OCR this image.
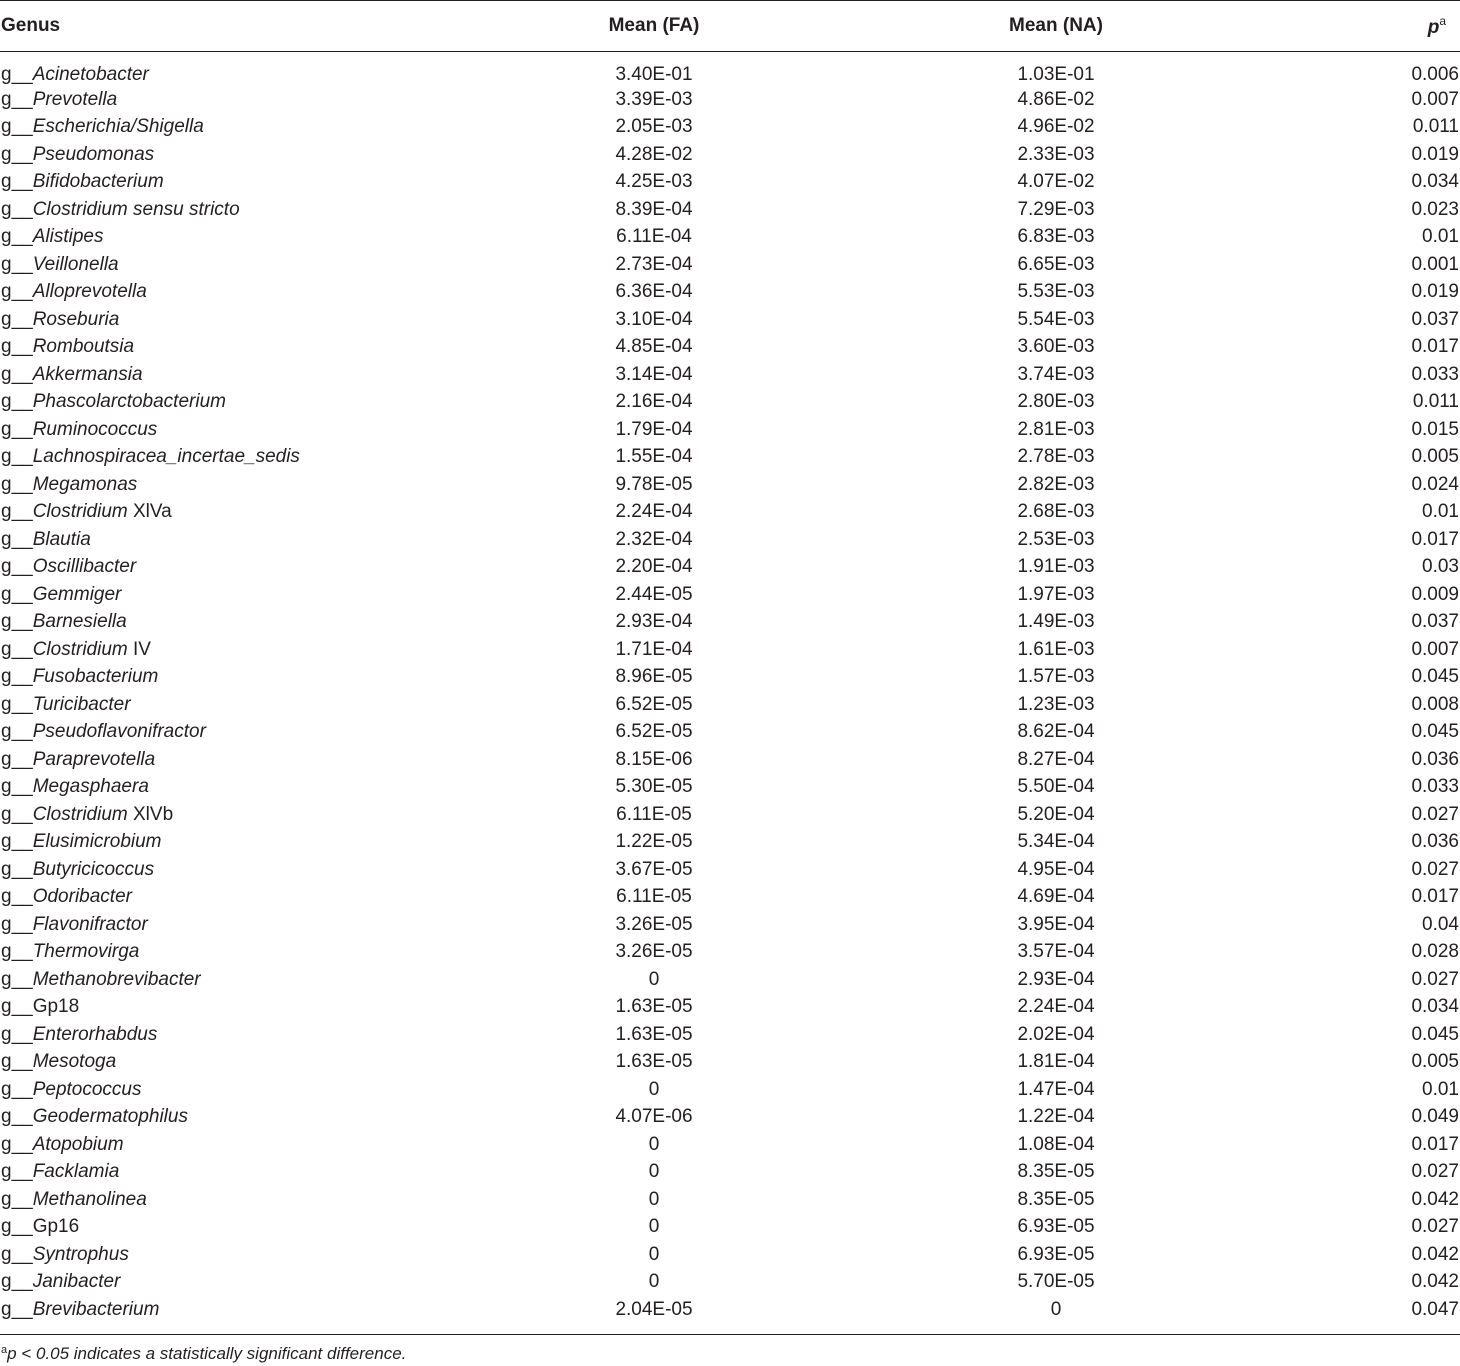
Genus	Mean (FA)	Mean (NA)	$p^a$
g__Acinetobacter	3.40E-01	1.03E-01	0.006
g__Prevotella	3.39E-03	4.86E-02	0.007
g__Escherichia/Shigella	2.05E-03	4.96E-02	0.011
g__Pseudomonas	4.28E-02	2.33E-03	0.019
g__Bifidobacterium	4.25E-03	4.07E-02	0.034
g__Clostridium sensu stricto	8.39E-04	7.29E-03	0.023
g__Alistipes	6.11E-04	6.83E-03	0.01
g__Veillonella	2.73E-04	6.65E-03	0.001
g__Alloprevotella	6.36E-04	5.53E-03	0.019
g__Roseburia	3.10E-04	5.54E-03	0.037
g__Romboutsia	4.85E-04	3.60E-03	0.017
g__Akkermansia	3.14E-04	3.74E-03	0.033
g__Phascolarctobacterium	2.16E-04	2.80E-03	0.011
g__Ruminococcus	1.79E-04	2.81E-03	0.015
g__Lachnospiracea_incertae_sedis	1.55E-04	2.78E-03	0.005
g__Megamonas	9.78E-05	2.82E-03	0.024
g__Clostridium XlVa	2.24E-04	2.68E-03	0.01
g__Blautia	2.32E-04	2.53E-03	0.017
g__Oscillibacter	2.20E-04	1.91E-03	0.03
g__Gemmiger	2.44E-05	1.97E-03	0.009
g__Barnesiella	2.93E-04	1.49E-03	0.037
g__Clostridium IV	1.71E-04	1.61E-03	0.007
g__Fusobacterium	8.96E-05	1.57E-03	0.045
g__Turicibacter	6.52E-05	1.23E-03	0.008
g__Pseudoflavonifractor	6.52E-05	8.62E-04	0.045
g__Paraprevotella	8.15E-06	8.27E-04	0.036
g__Megasphaera	5.30E-05	5.50E-04	0.033
g__Clostridium XlVb	6.11E-05	5.20E-04	0.027
g__Elusimicrobium	1.22E-05	5.34E-04	0.036
g__Butyricicoccus	3.67E-05	4.95E-04	0.027
g__Odoribacter	6.11E-05	4.69E-04	0.017
g__Flavonifractor	3.26E-05	3.95E-04	0.04
g__Thermovirga	3.26E-05	3.57E-04	0.028
g__Methanobrevibacter	0	2.93E-04	0.027
g__Gp18	1.63E-05	2.24E-04	0.034
g__Enterorhabdus	1.63E-05	2.02E-04	0.045
g__Mesotoga	1.63E-05	1.81E-04	0.005
g__Peptococcus	0	1.47E-04	0.01
g__Geodermatophilus	4.07E-06	1.22E-04	0.049
g__Atopobium	0	1.08E-04	0.017
g__Facklamia	0	8.35E-05	0.027
g__Methanolinea	0	8.35E-05	0.042
g__Gp16	0	6.93E-05	0.027
g__Syntrophus	0	6.93E-05	0.042
g__Janibacter	0	5.70E-05	0.042
g__Brevibacterium	2.04E-05	0	0.047
$^a$p < 0.05 indicates a statistically significant difference.
